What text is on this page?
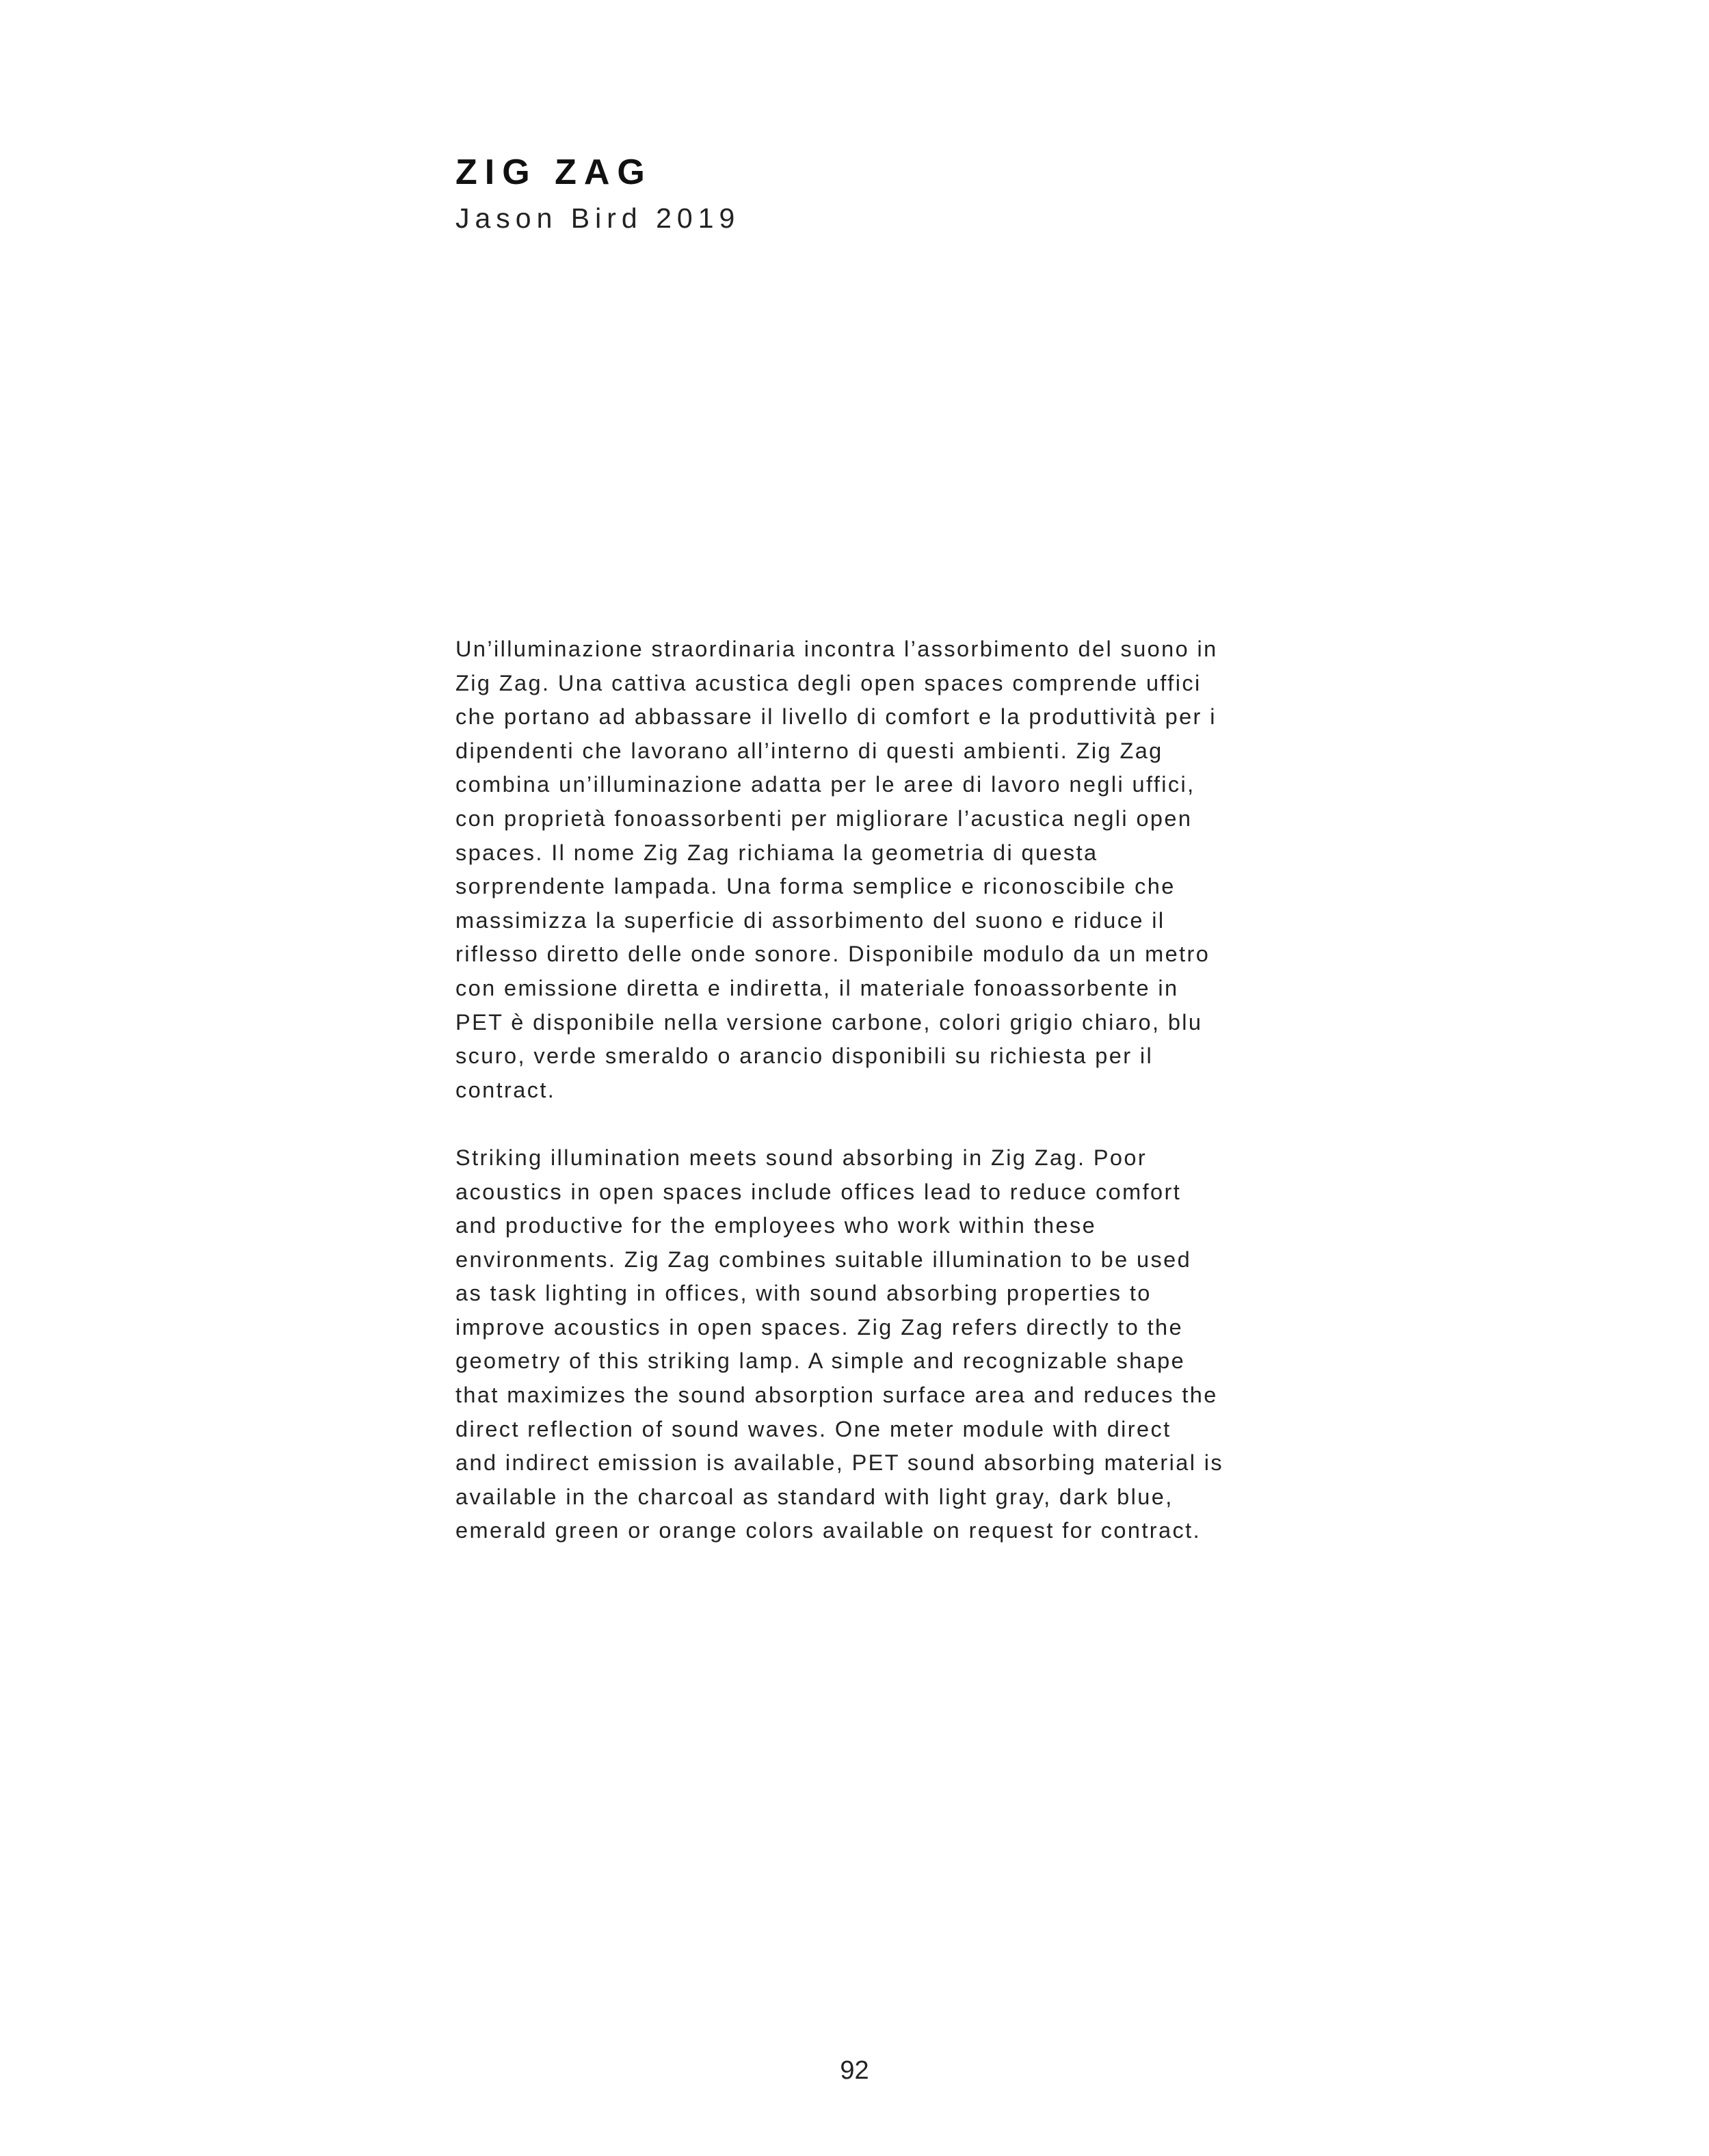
ZIG ZAG
Jason Bird 2019
Un’illuminazione straordinaria incontra l’assorbimento del suono in
Zig Zag. Una cattiva acustica degli open spaces comprende uffici
che portano ad abbassare il livello di comfort e la produttività per i
dipendenti che lavorano all’interno di questi ambienti. Zig Zag
combina un’illuminazione adatta per le aree di lavoro negli uffici,
con proprietà fonoassorbenti per migliorare l’acustica negli open
spaces. Il nome Zig Zag richiama la geometria di questa
sorprendente lampada. Una forma semplice e riconoscibile che
massimizza la superficie di assorbimento del suono e riduce il
riflesso diretto delle onde sonore. Disponibile modulo da un metro
con emissione diretta e indiretta, il materiale fonoassorbente in
PET è disponibile nella versione carbone, colori grigio chiaro, blu
scuro, verde smeraldo o arancio disponibili su richiesta per il
contract.
Striking illumination meets sound absorbing in Zig Zag. Poor
acoustics in open spaces include offices lead to reduce comfort
and productive for the employees who work within these
environments. Zig Zag combines suitable illumination to be used
as task lighting in offices, with sound absorbing properties to
improve acoustics in open spaces. Zig Zag refers directly to the
geometry of this striking lamp. A simple and recognizable shape
that maximizes the sound absorption surface area and reduces the
direct reflection of sound waves. One meter module with direct
and indirect emission is available, PET sound absorbing material is
available in the charcoal as standard with light gray, dark blue,
emerald green or orange colors available on request for contract.
92
